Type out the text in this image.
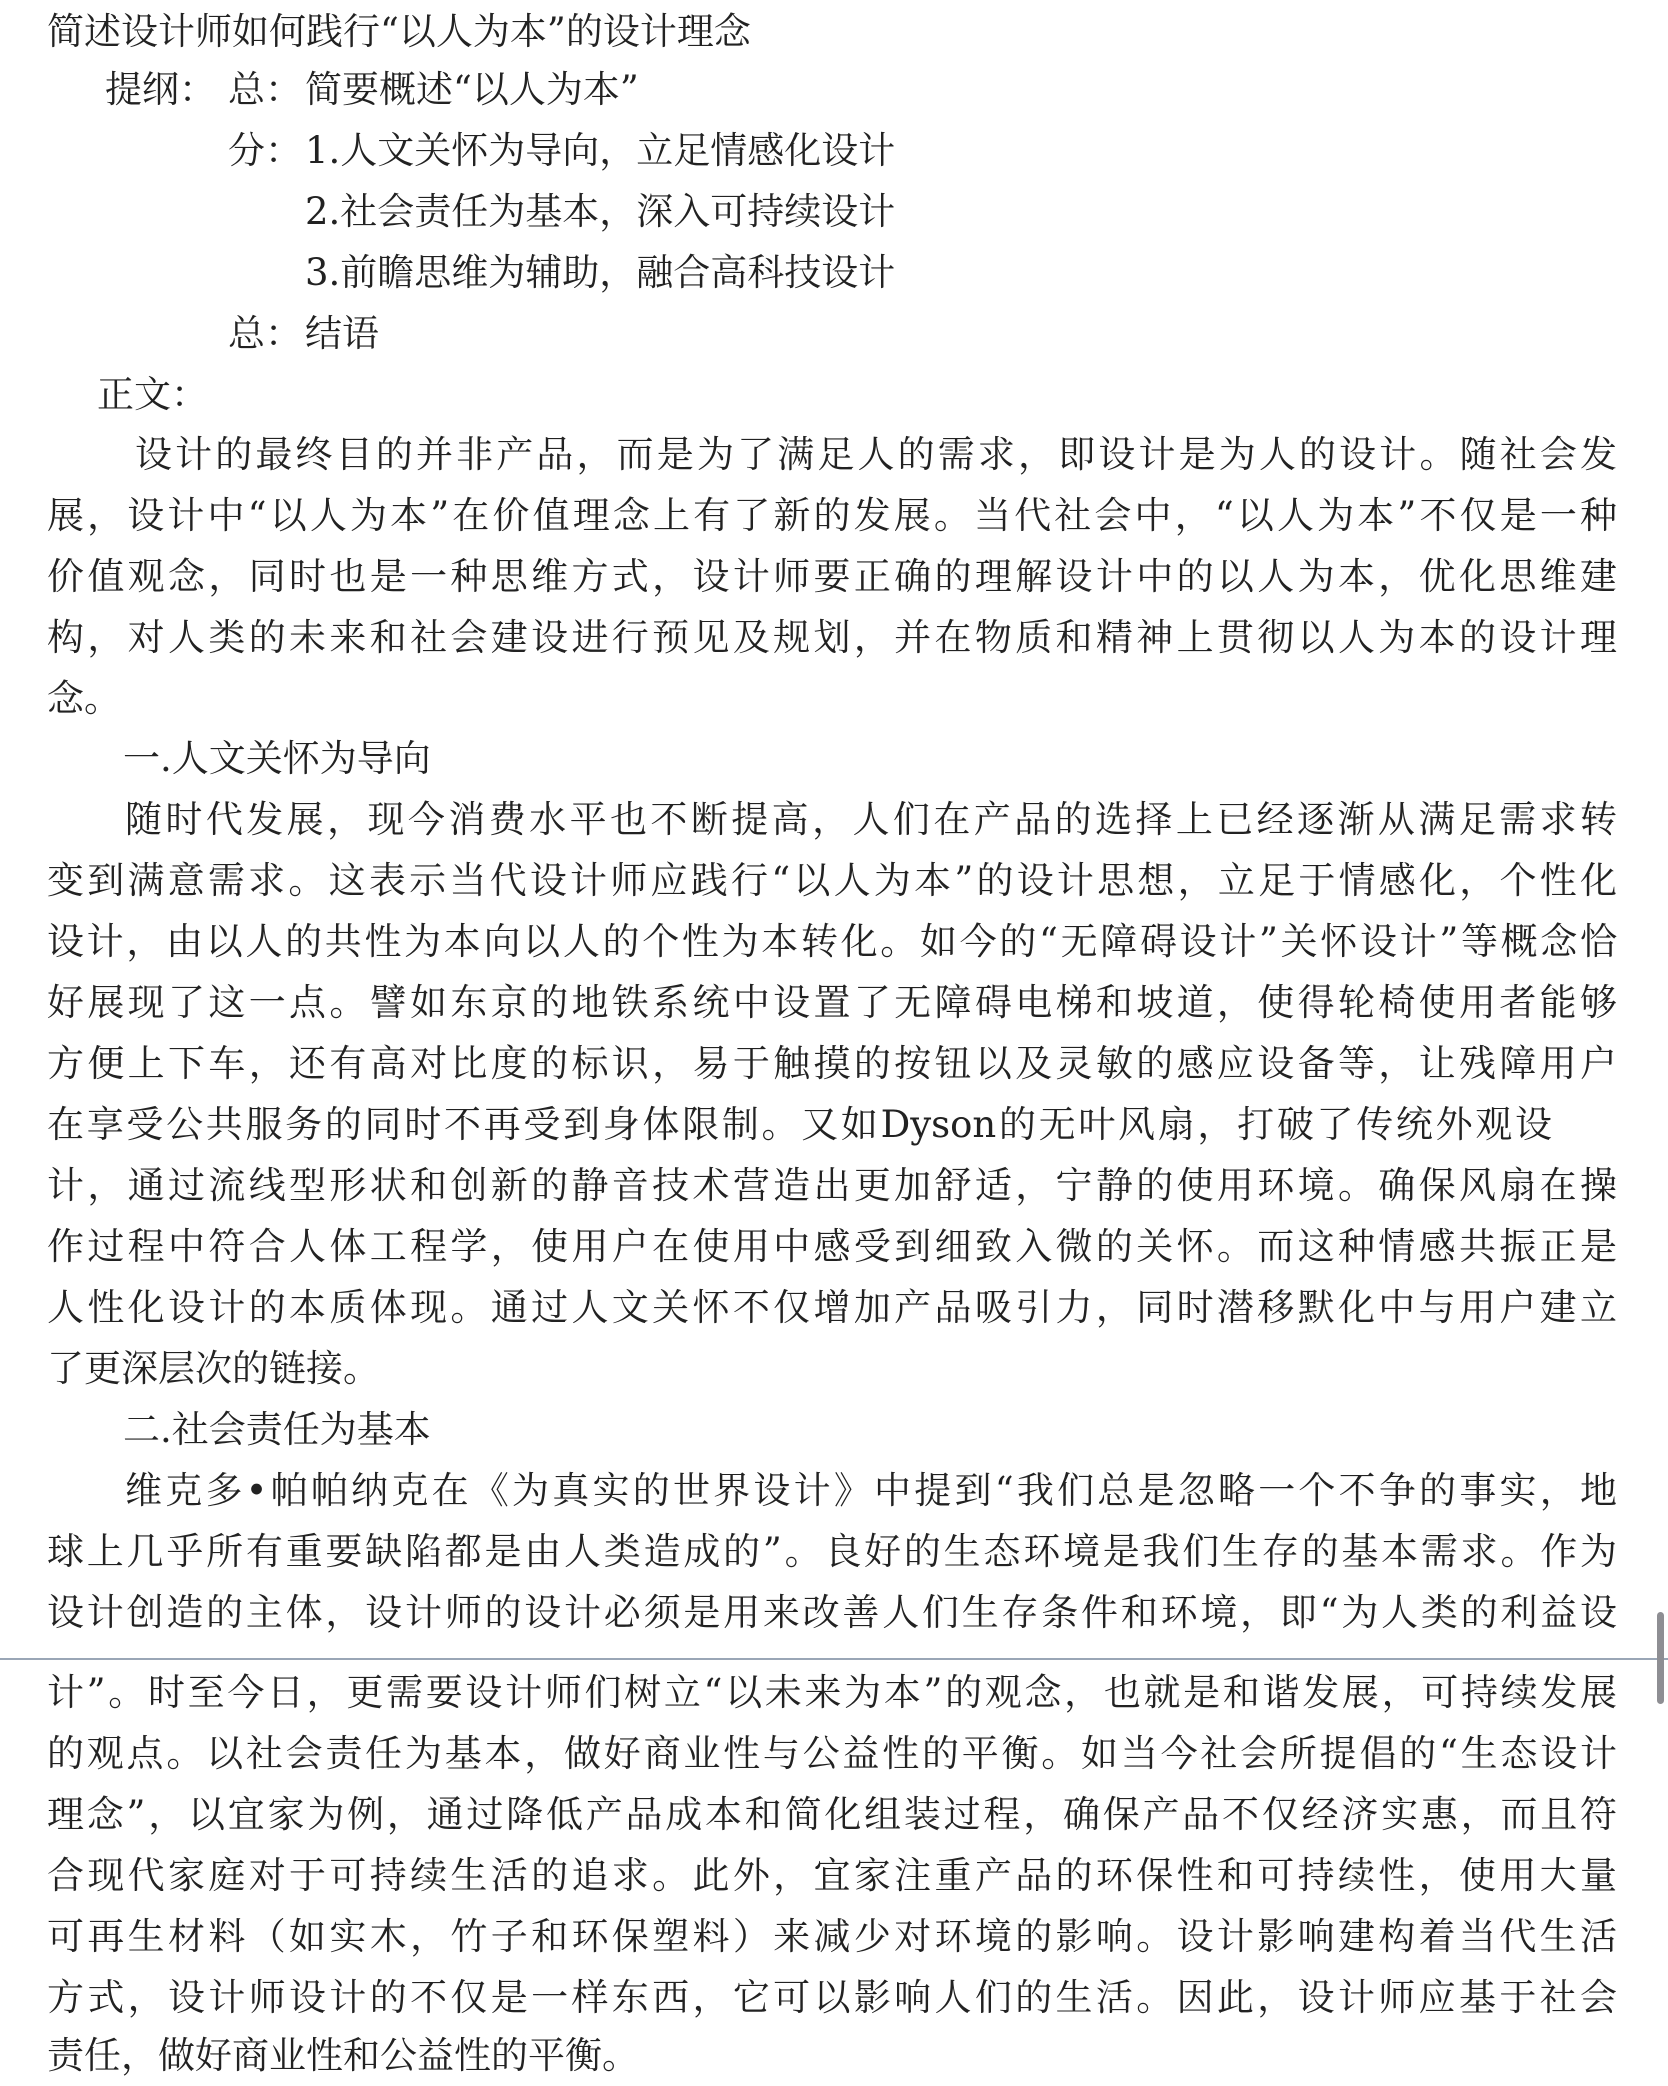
简述设计师如何践行“以人为本”的设计理念
提纲： 总： 简要概述“以人为本”
分： 1.人文关怀为导向，立足情感化设计
2.社会责任为基本，深入可持续设计
3.前瞻思维为辅助，融合高科技设计
总： 结语
正文：
设计的最终目的并非产品，而是为了满足人的需求，即设计是为人的设计。随社会发
展，设计中“以人为本”在价值理念上有了新的发展。当代社会中，“以人为本”不仅是一种
价值观念，同时也是一种思维方式，设计师要正确的理解设计中的以人为本，优化思维建
构，对人类的未来和社会建设进行预见及规划，并在物质和精神上贯彻以人为本的设计理
念。
一.人文关怀为导向
随时代发展，现今消费水平也不断提高，人们在产品的选择上已经逐渐从满足需求转
变到满意需求。这表示当代设计师应践行“以人为本”的设计思想，立足于情感化，个性化
设计，由以人的共性为本向以人的个性为本转化。如今的“无障碍设计”关怀设计”等概念恰
好展现了这一点。譬如东京的地铁系统中设置了无障碍电梯和坡道，使得轮椅使用者能够
方便上下车，还有高对比度的标识，易于触摸的按钮以及灵敏的感应设备等，让残障用户
在享受公共服务的同时不再受到身体限制。又如Dyson的无叶风扇，打破了传统外观设
计，通过流线型形状和创新的静音技术营造出更加舒适，宁静的使用环境。确保风扇在操
作过程中符合人体工程学，使用户在使用中感受到细致入微的关怀。而这种情感共振正是
人性化设计的本质体现。通过人文关怀不仅增加产品吸引力，同时潜移默化中与用户建立
了更深层次的链接。
二.社会责任为基本
维克多•帕帕纳克在《为真实的世界设计》中提到“我们总是忽略一个不争的事实，地
球上几乎所有重要缺陷都是由人类造成的”。良好的生态环境是我们生存的基本需求。作为
设计创造的主体，设计师的设计必须是用来改善人们生存条件和环境，即“为人类的利益设
计”。时至今日，更需要设计师们树立“以未来为本”的观念，也就是和谐发展，可持续发展
的观点。以社会责任为基本，做好商业性与公益性的平衡。如当今社会所提倡的“生态设计
理念”，以宜家为例，通过降低产品成本和简化组装过程，确保产品不仅经济实惠，而且符
合现代家庭对于可持续生活的追求。此外，宜家注重产品的环保性和可持续性，使用大量
可再生材料（如实木，竹子和环保塑料）来减少对环境的影响。设计影响建构着当代生活
方式，设计师设计的不仅是一样东西，它可以影响人们的生活。因此，设计师应基于社会
责任，做好商业性和公益性的平衡。
